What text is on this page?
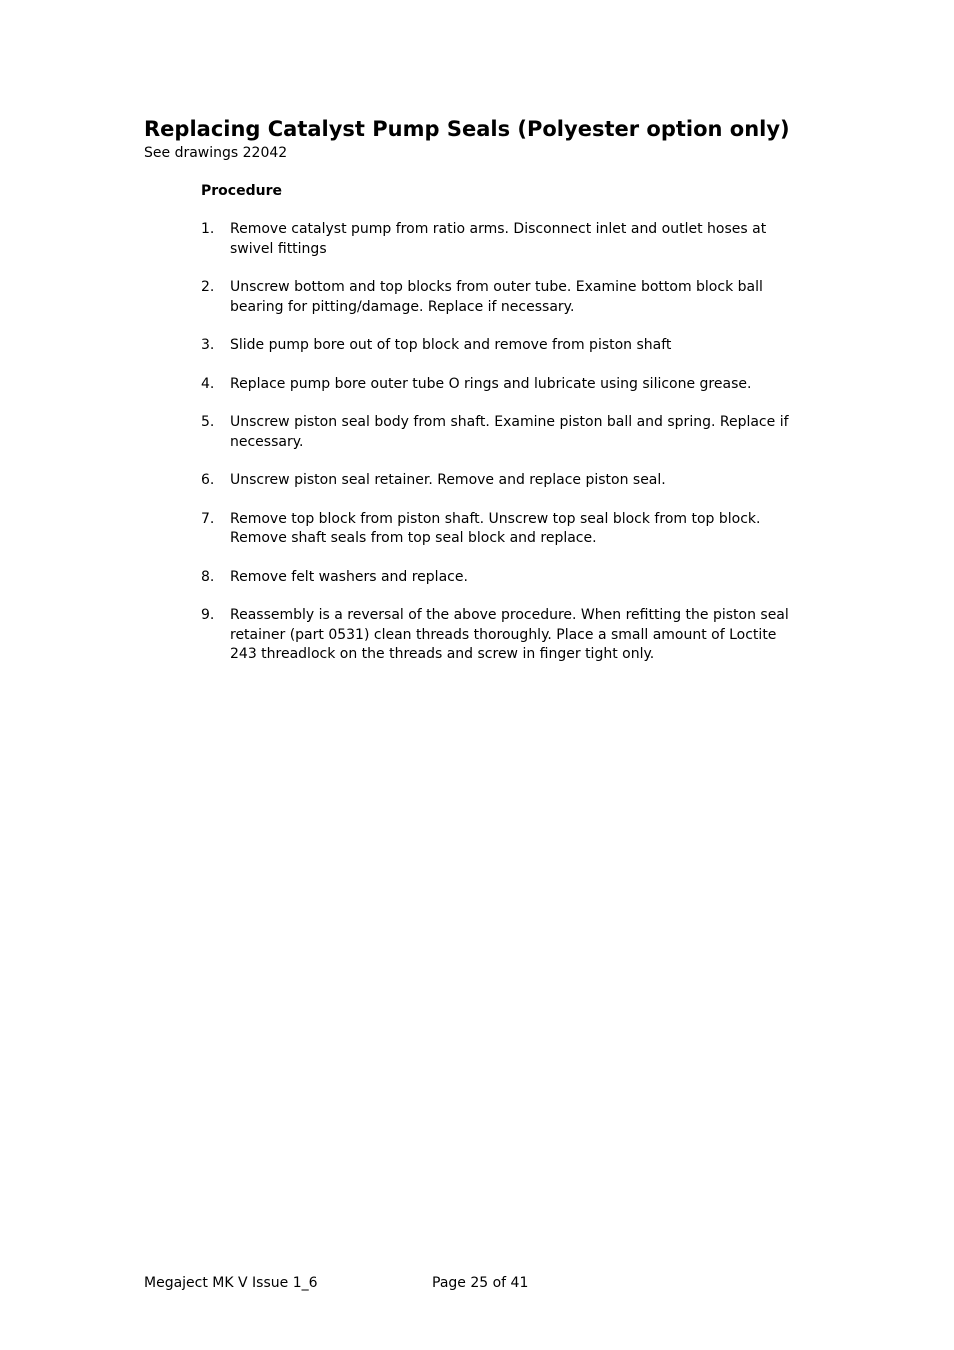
Replacing Catalyst Pump Seals (Polyester option only)
See drawings 22042
Procedure
1.	Remove catalyst pump from ratio arms. Disconnect inlet and outlet hoses at swivel fittings
2.	Unscrew bottom and top blocks from outer tube. Examine bottom block ball bearing for pitting/damage. Replace if necessary.
3.	Slide pump bore out of top block and remove from piston shaft
4.	Replace pump bore outer tube O rings and lubricate using silicone grease.
5.	Unscrew piston seal body from shaft. Examine piston ball and spring. Replace if necessary.
6.	Unscrew piston seal retainer. Remove and replace piston seal.
7.	Remove top block from piston shaft. Unscrew top seal block from top block. Remove shaft seals from top seal block and replace.
8.	Remove felt washers and replace.
9.	Reassembly is a reversal of the above procedure. When refitting the piston seal retainer (part 0531) clean threads thoroughly. Place a small amount of Loctite 243 threadlock on the threads and screw in finger tight only.
Megaject MK V Issue 1_6	Page 25 of 41
